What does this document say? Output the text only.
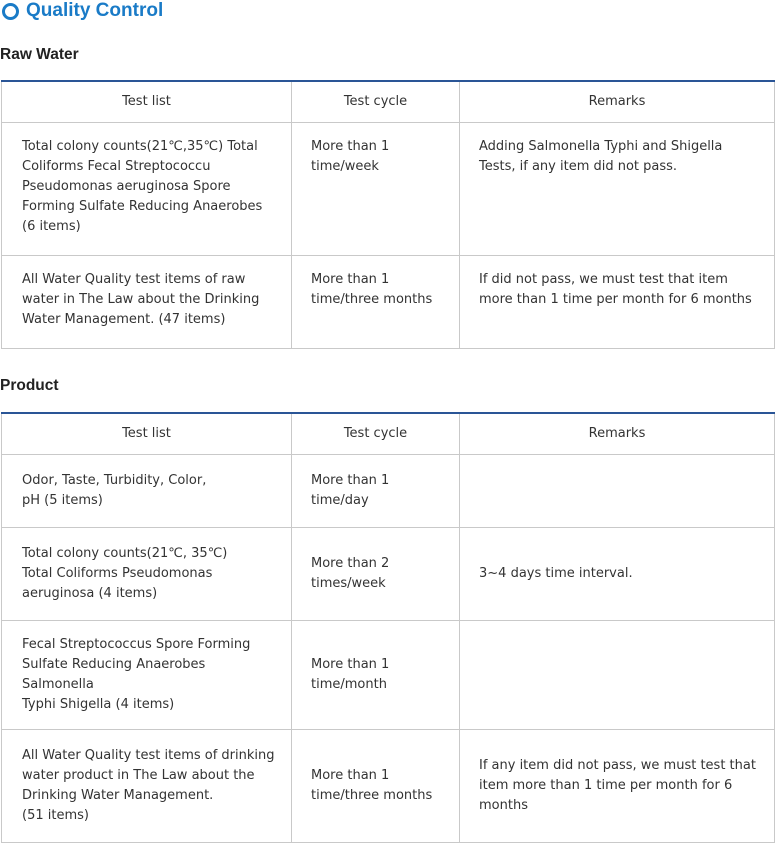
Quality Control
Raw Water
Test list	Test cycle	Remarks

Total colony counts(21℃,35℃) Total
Coliforms Fecal Streptococcu
Pseudomonas aeruginosa Spore
Forming Sulfate Reducing Anaerobes
(6 items)	More than 1
time/week	Adding Salmonella Typhi and Shigella
Tests, if any item did not pass.

All Water Quality test items of raw
water in The Law about the Drinking
Water Management. (47 items)	More than 1
time/three months	If did not pass, we must test that item
more than 1 time per month for 6 months
Product
Test list	Test cycle	Remarks

Odor, Taste, Turbidity, Color,
pH (5 items)	More than 1
time/day	

Total colony counts(21℃, 35℃)
Total Coliforms Pseudomonas
aeruginosa (4 items)	More than 2
times/week	3~4 days time interval.

Fecal Streptococcus Spore Forming
Sulfate Reducing Anaerobes Salmonella
Typhi Shigella (4 items)	More than 1
time/month	

All Water Quality test items of drinking
water product in The Law about the
Drinking Water Management.
(51 items)	More than 1
time/three months	If any item did not pass, we must test that
item more than 1 time per month for 6
months
